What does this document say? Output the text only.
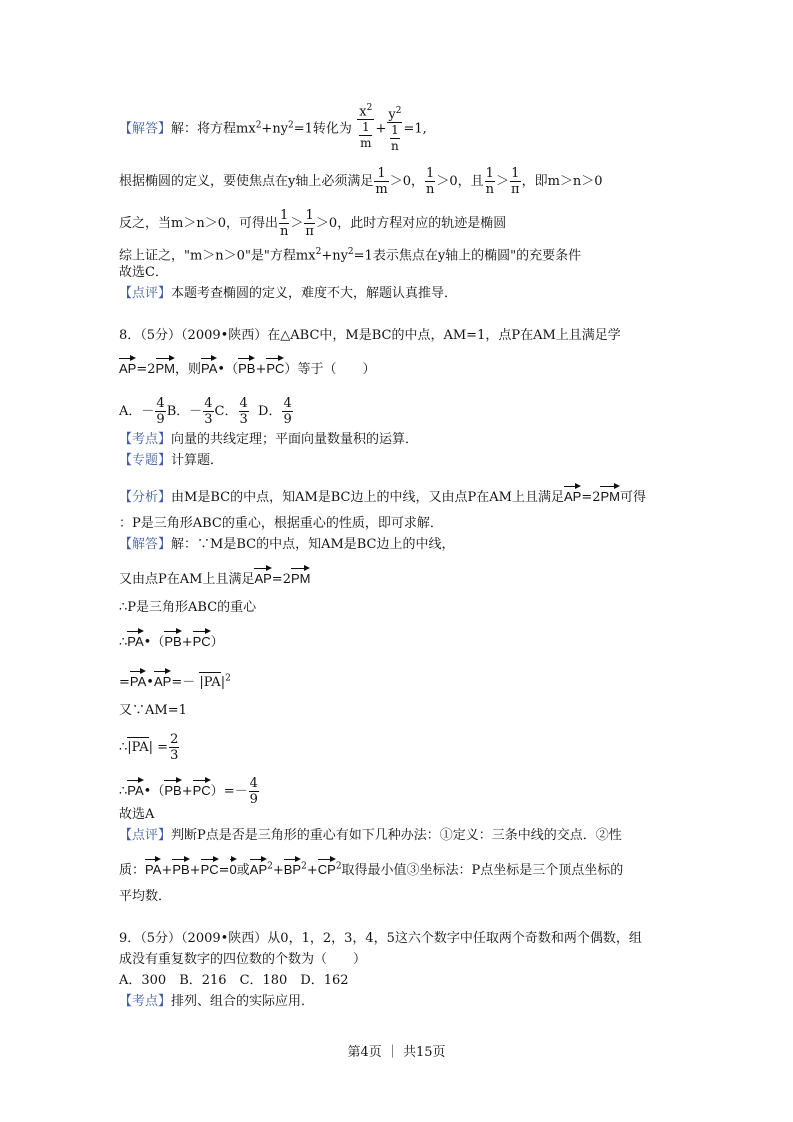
【解答】解：将方程$mx^2+ny^2=1$转化为 $\frac{x^2}{\frac{1}{m}} + \frac{y^2}{\frac{1}{n}} =1$,
根据椭圆的定义，要使焦点在y轴上必须满足 $\frac{1}{m} >0$， $\frac{1}{n} >0$，且 $\frac{1}{n} > \frac{1}{\pi}$ ，即m＞n＞0
反之，当m＞n＞0，可得出 $\frac{1}{n} > \frac{1}{\pi} >0$，此时方程对应的轨迹是椭圆
综上证之，"m＞n＞0"是"方程$mx^2+ny^2=1$表示焦点在y轴上的椭圆"的充要条件
故选C．
【点评】本题考查椭圆的定义，难度不大，解题认真推导．
8．（5分）（2009•陕西）在△ABC中，M是BC的中点，AM=1，点P在AM上且满足学
AP=2PM，则PA•（PB+PC）等于（　　）
A．－ $\frac{4}{9}$ B．－ $\frac{4}{3}$ C． $\frac{4}{3}$ D． $\frac{4}{9}$
【考点】向量的共线定理；平面向量数量积的运算．
【专题】计算题．
【分析】由M是BC的中点，知AM是BC边上的中线，又由点P在AM上且满足AP=2PM可得
：P是三角形ABC的重心，根据重心的性质，即可求解．
【解答】解：∵M是BC的中点，知AM是BC边上的中线，
又由点P在AM上且满足AP=2PM
∴P是三角形ABC的重心
∴PA•（PB+PC）
=PA•AP=－ $|PA|^2$
又∵AM=1
∴|PA| = $\frac{2}{3}$
∴PA•（PB+PC）=－ $\frac{4}{9}$
故选A
【点评】判断P点是否是三角形的重心有如下几种办法：①定义：三条中线的交点．②性
质：PA+PB+PC=0或$AP^2+BP^2+CP^2$取得最小值③坐标法：P点坐标是三个顶点坐标的
平均数．
9．（5分）（2009•陕西）从0，1，2，3，4，5这六个数字中任取两个奇数和两个偶数，组
成没有重复数字的四位数的个数为（　　）
A．300　B．216　C．180　D．162
【考点】排列、组合的实际应用．
第4页 ｜ 共15页
